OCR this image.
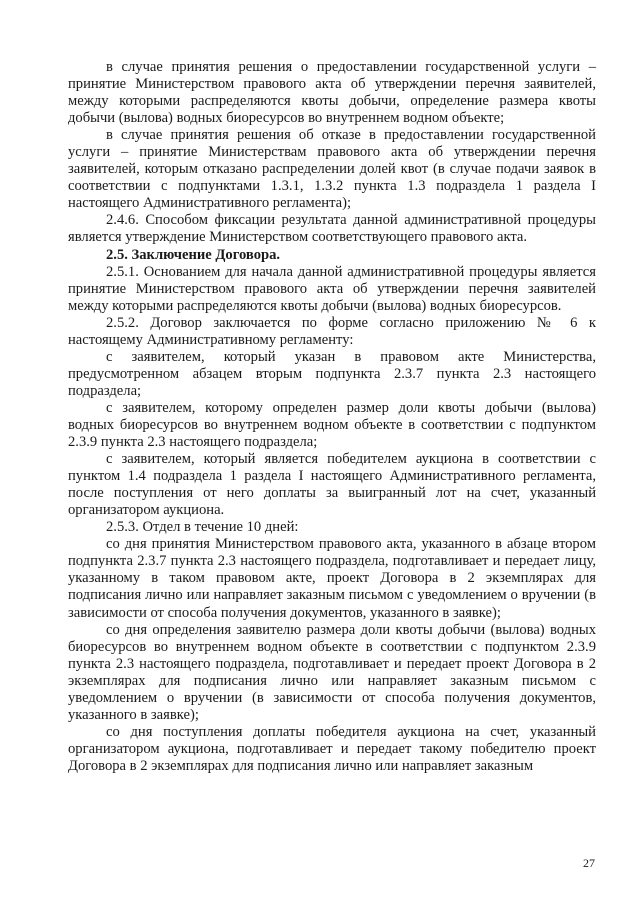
в случае принятия решения о предоставлении государственной услуги – принятие Министерством правового акта об утверждении перечня заявителей, между которыми распределяются квоты добычи, определение размера квоты добычи (вылова) водных биоресурсов во внутреннем водном объекте;

в случае принятия решения об отказе в предоставлении государственной услуги – принятие Министерствам правового акта об утверждении перечня заявителей, которым отказано распределении долей квот (в случае подачи заявок в соответствии с подпунктами 1.3.1, 1.3.2 пункта 1.3 подраздела 1 раздела I настоящего Административного регламента);

2.4.6. Способом фиксации результата данной административной процедуры является утверждение Министерством соответствующего правового акта.

2.5. Заключение Договора.

2.5.1. Основанием для начала данной административной процедуры является принятие Министерством правового акта об утверждении перечня заявителей между которыми распределяются квоты добычи (вылова) водных биоресурсов.

2.5.2. Договор заключается по форме согласно приложению № 6 к настоящему Административному регламенту:

с заявителем, который указан в правовом акте Министерства, предусмотренном абзацем вторым подпункта 2.3.7 пункта 2.3 настоящего подраздела;

с заявителем, которому определен размер доли квоты добычи (вылова) водных биоресурсов во внутреннем водном объекте в соответствии с подпунктом 2.3.9 пункта 2.3 настоящего подраздела;

с заявителем, который является победителем аукциона в соответствии с пунктом 1.4 подраздела 1 раздела I настоящего Административного регламента, после поступления от него доплаты за выигранный лот на счет, указанный организатором аукциона.

2.5.3. Отдел в течение 10 дней:

со дня принятия Министерством правового акта, указанного в абзаце втором подпункта 2.3.7 пункта 2.3 настоящего подраздела, подготавливает и передает лицу, указанному в таком правовом акте, проект Договора в 2 экземплярах для подписания лично или направляет заказным письмом с уведомлением о вручении (в зависимости от способа получения документов, указанного в заявке);

со дня определения заявителю размера доли квоты добычи (вылова) водных биоресурсов во внутреннем водном объекте в соответствии с подпунктом 2.3.9 пункта 2.3 настоящего подраздела, подготавливает и передает проект Договора в 2 экземплярах для подписания лично или направляет заказным письмом с уведомлением о вручении (в зависимости от способа получения документов, указанного в заявке);

со дня поступления доплаты победителя аукциона на счет, указанный организатором аукциона, подготавливает и передает такому победителю проект Договора в 2 экземплярах для подписания лично или направляет заказным

27
